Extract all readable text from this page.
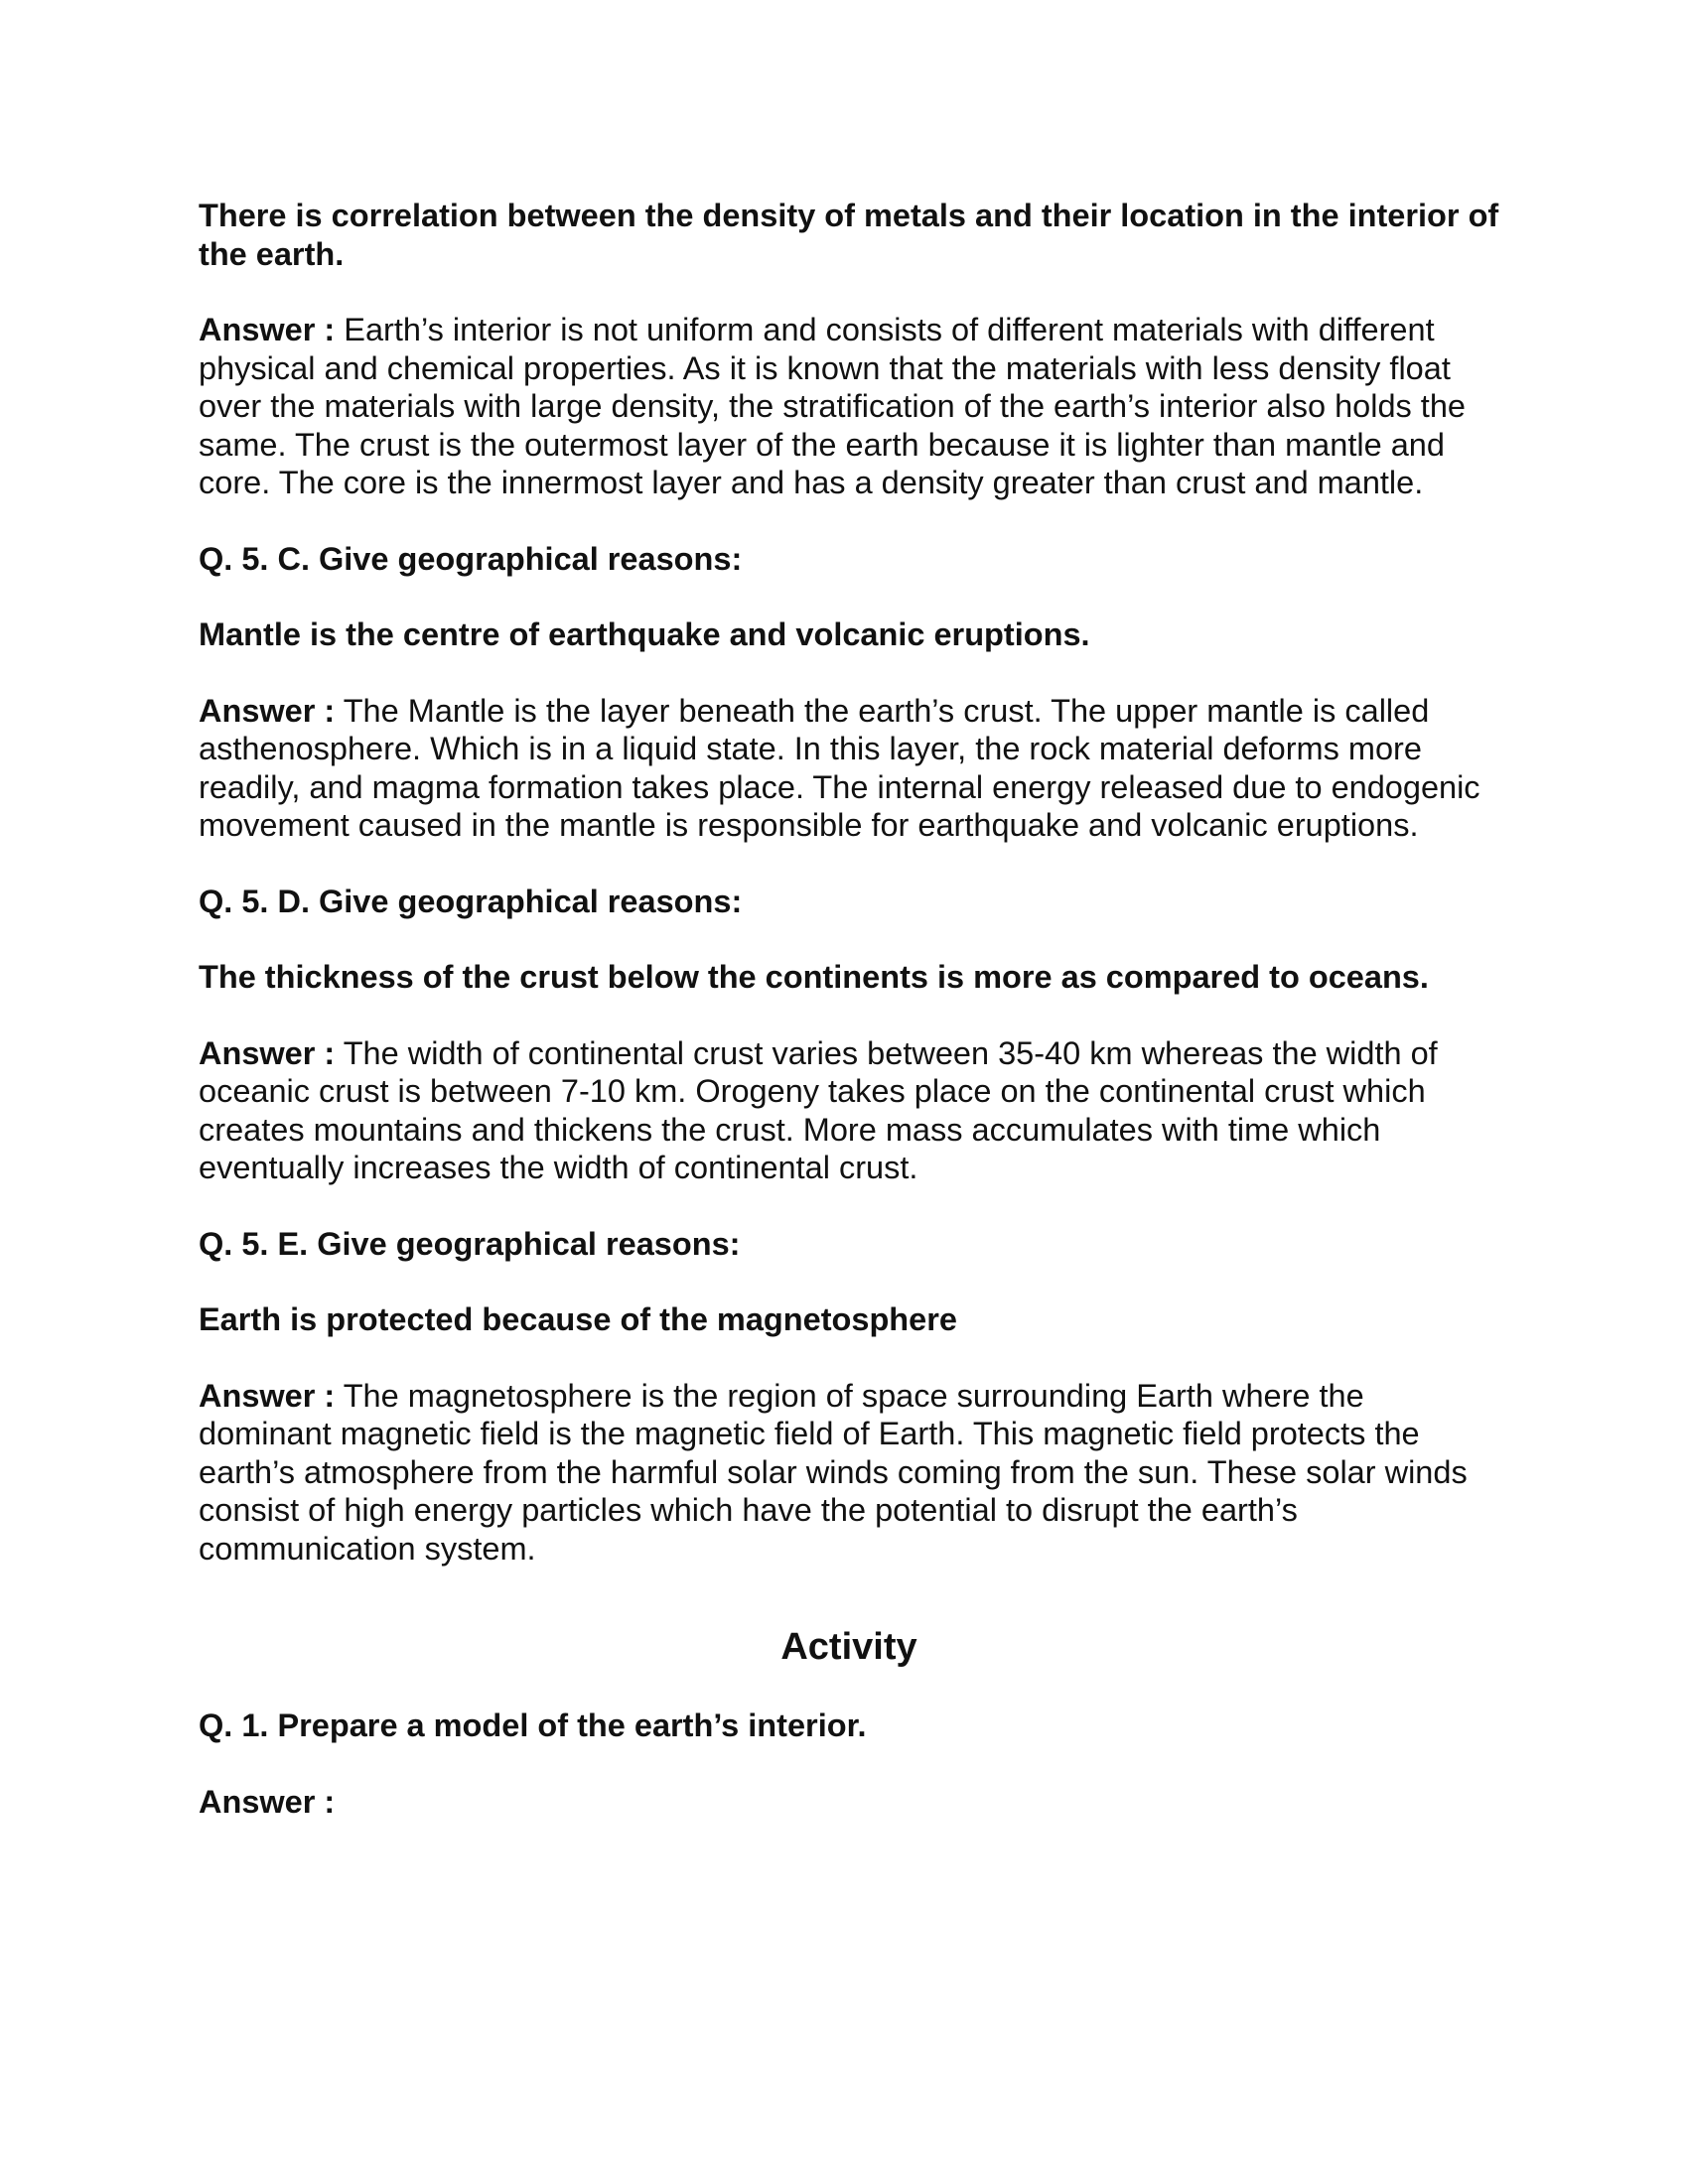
There is correlation between the density of metals and their location in the interior of the earth.

Answer : Earth’s interior is not uniform and consists of different materials with different physical and chemical properties. As it is known that the materials with less density float over the materials with large density, the stratification of the earth’s interior also holds the same. The crust is the outermost layer of the earth because it is lighter than mantle and core. The core is the innermost layer and has a density greater than crust and mantle.

Q. 5. C. Give geographical reasons:

Mantle is the centre of earthquake and volcanic eruptions.

Answer : The Mantle is the layer beneath the earth’s crust. The upper mantle is called asthenosphere. Which is in a liquid state. In this layer, the rock material deforms more readily, and magma formation takes place. The internal energy released due to endogenic movement caused in the mantle is responsible for earthquake and volcanic eruptions.

Q. 5. D. Give geographical reasons:

The thickness of the crust below the continents is more as compared to oceans.

Answer : The width of continental crust varies between 35-40 km whereas the width of oceanic crust is between 7-10 km. Orogeny takes place on the continental crust which creates mountains and thickens the crust. More mass accumulates with time which eventually increases the width of continental crust.

Q. 5. E. Give geographical reasons:

Earth is protected because of the magnetosphere

Answer : The magnetosphere is the region of space surrounding Earth where the dominant magnetic field is the magnetic field of Earth. This magnetic field protects the earth’s atmosphere from the harmful solar winds coming from the sun. These solar winds consist of high energy particles which have the potential to disrupt the earth’s communication system.

Activity

Q. 1. Prepare a model of the earth’s interior.

Answer :
